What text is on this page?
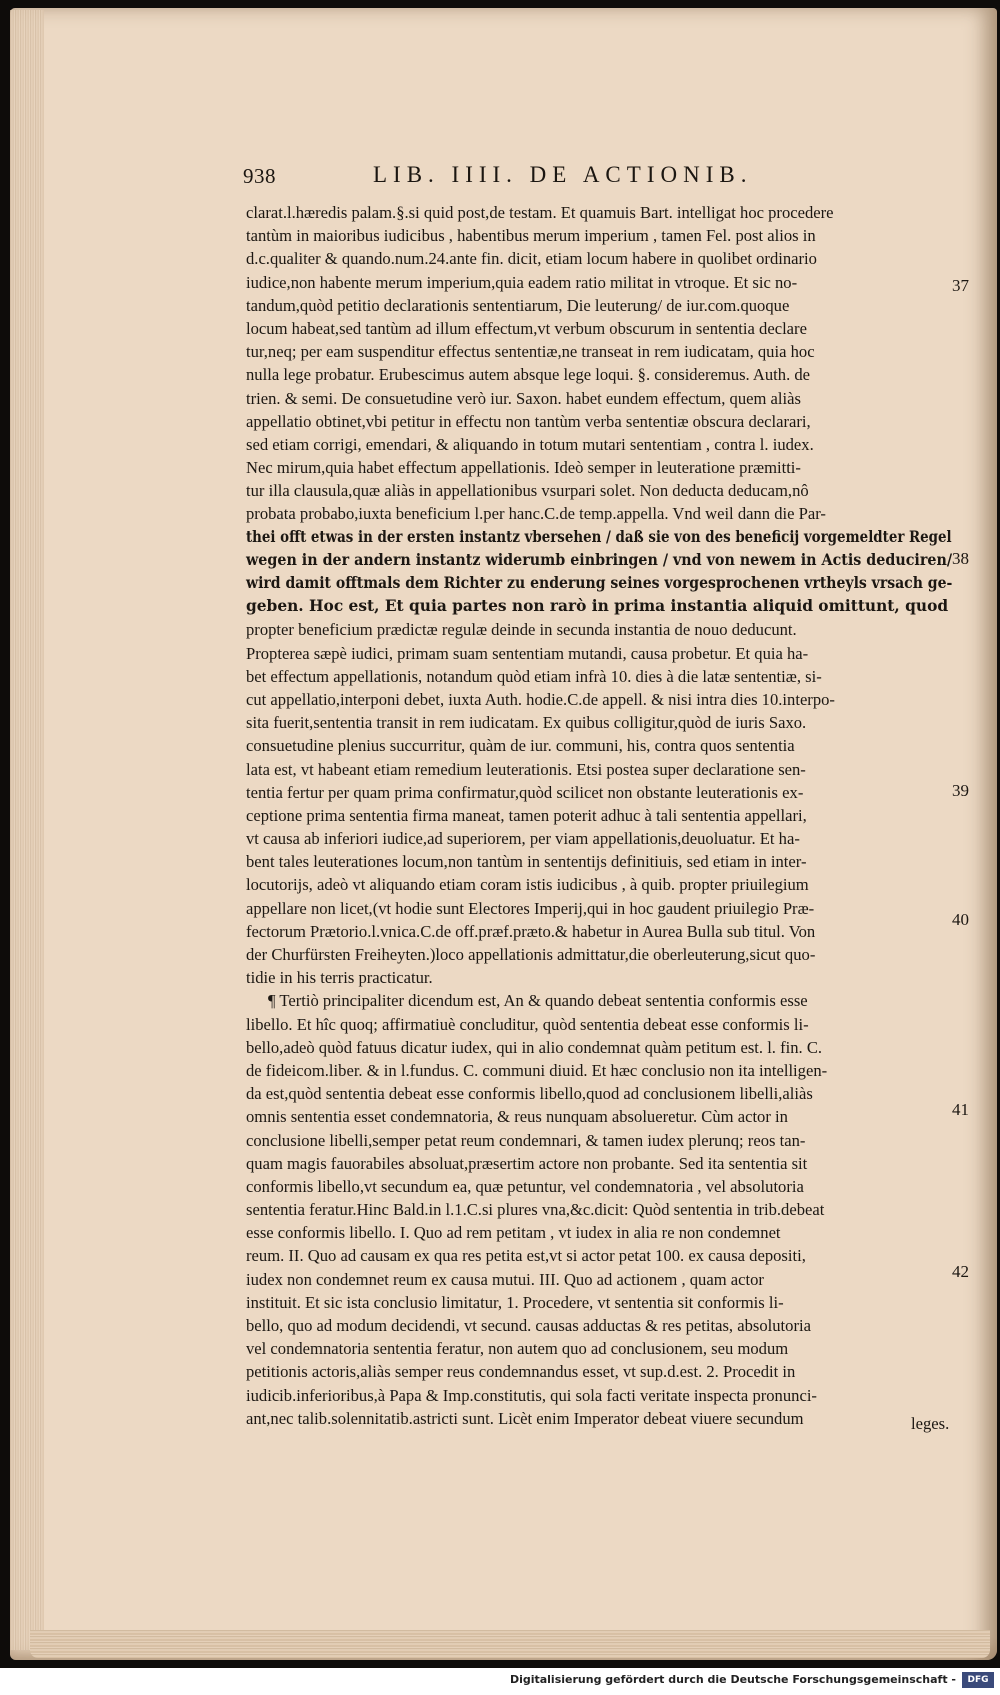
938	LIB. IIII. DE ACTIONIB.
clarat.l.hæredis palam.§.si quid post,de testam. Et quamuis Bart. intelligat hoc procedere
tantùm in maioribus iudicibus , habentibus merum imperium , tamen Fel. post alios in
d.c.qualiter & quando.num.24.ante fin. dicit, etiam locum habere in quolibet ordinario
iudice,non habente merum imperium,quia eadem ratio militat in vtroque. Et sic no-
tandum,quòd petitio declarationis sententiarum, Die leuterung/ de iur.com.quoque
locum habeat,sed tantùm ad illum effectum,vt verbum obscurum in sententia declare
tur,neq; per eam suspenditur effectus sententiæ,ne transeat in rem iudicatam, quia hoc
nulla lege probatur. Erubescimus autem absque lege loqui. §. consideremus. Auth. de
trien. & semi. De consuetudine verò iur. Saxon. habet eundem effectum, quem aliàs
appellatio obtinet,vbi petitur in effectu non tantùm verba sententiæ obscura declarari,
sed etiam corrigi, emendari, & aliquando in totum mutari sententiam , contra l. iudex.
Nec mirum,quia habet effectum appellationis. Ideò semper in leuteratione præmitti-
tur illa clausula,quæ aliàs in appellationibus vsurpari solet. Non deducta deducam,nô
probata probabo,iuxta beneficium l.per hanc.C.de temp.appella. Vnd weil dann die Par-
thei offt etwas in der ersten instantz vbersehen / daß sie von des beneficij vorgemeldter Regel
wegen in der andern instantz widerumb einbringen / vnd von newem in Actis deduciren/
wird damit offtmals dem Richter zu enderung seines vorgesprochenen vrtheyls vrsach ge-
geben. Hoc est, Et quia partes non rarò in prima instantia aliquid omittunt, quod
propter beneficium prædictæ regulæ deinde in secunda instantia de nouo deducunt.
Propterea sæpè iudici, primam suam sententiam mutandi, causa probetur. Et quia ha-
bet effectum appellationis, notandum quòd etiam infrà 10. dies à die latæ sententiæ, si-
cut appellatio,interponi debet, iuxta Auth. hodie.C.de appell. & nisi intra dies 10.interpo-
sita fuerit,sententia transit in rem iudicatam. Ex quibus colligitur,quòd de iuris Saxo.
consuetudine plenius succurritur, quàm de iur. communi, his, contra quos sententia
lata est, vt habeant etiam remedium leuterationis. Etsi postea super declaratione sen-
tentia fertur per quam prima confirmatur,quòd scilicet non obstante leuterationis ex-
ceptione prima sententia firma maneat, tamen poterit adhuc à tali sententia appellari,
vt causa ab inferiori iudice,ad superiorem, per viam appellationis,deuoluatur. Et ha-
bent tales leuterationes locum,non tantùm in sententijs definitiuis, sed etiam in inter-
locutorijs, adeò vt aliquando etiam coram istis iudicibus , à quib. propter priuilegium
appellare non licet,(vt hodie sunt Electores Imperij,qui in hoc gaudent priuilegio Præ-
fectorum Prætorio.l.vnica.C.de off.præf.præto.& habetur in Aurea Bulla sub titul. Von
der Churfürsten Freiheyten.)loco appellationis admittatur,die oberleuterung,sicut quo-
tidie in his terris practicatur.
¶ Tertiò principaliter dicendum est, An & quando debeat sententia conformis esse
libello. Et hîc quoq; affirmatiuè concluditur, quòd sententia debeat esse conformis li-
bello,adeò quòd fatuus dicatur iudex, qui in alio condemnat quàm petitum est. l. fin. C.
de fideicom.liber. & in l.fundus. C. communi diuid. Et hæc conclusio non ita intelligen-
da est,quòd sententia debeat esse conformis libello,quod ad conclusionem libelli,aliàs
omnis sententia esset condemnatoria, & reus nunquam absolueretur. Cùm actor in
conclusione libelli,semper petat reum condemnari, & tamen iudex plerunq; reos tan-
quam magis fauorabiles absoluat,præsertim actore non probante. Sed ita sententia sit
conformis libello,vt secundum ea, quæ petuntur, vel condemnatoria , vel absolutoria
sententia feratur.Hinc Bald.in l.1.C.si plures vna,&c.dicit: Quòd sententia in trib.debeat
esse conformis libello. I. Quo ad rem petitam , vt iudex in alia re non condemnet
reum. II. Quo ad causam ex qua res petita est,vt si actor petat 100. ex causa depositi,
iudex non condemnet reum ex causa mutui. III. Quo ad actionem , quam actor
instituit. Et sic ista conclusio limitatur, 1. Procedere, vt sententia sit conformis li-
bello, quo ad modum decidendi, vt secund. causas adductas & res petitas, absolutoria
vel condemnatoria sententia feratur, non autem quo ad conclusionem, seu modum
petitionis actoris,aliàs semper reus condemnandus esset, vt sup.d.est. 2. Procedit in
iudicib.inferioribus,à Papa & Imp.constitutis, qui sola facti veritate inspecta pronunci-
ant,nec talib.solennitatib.astricti sunt. Licèt enim Imperator debeat viuere secundum
37
38
39
40
41
42
leges.
Digitalisierung gefördert durch die Deutsche Forschungsgemeinschaft -	DFG
